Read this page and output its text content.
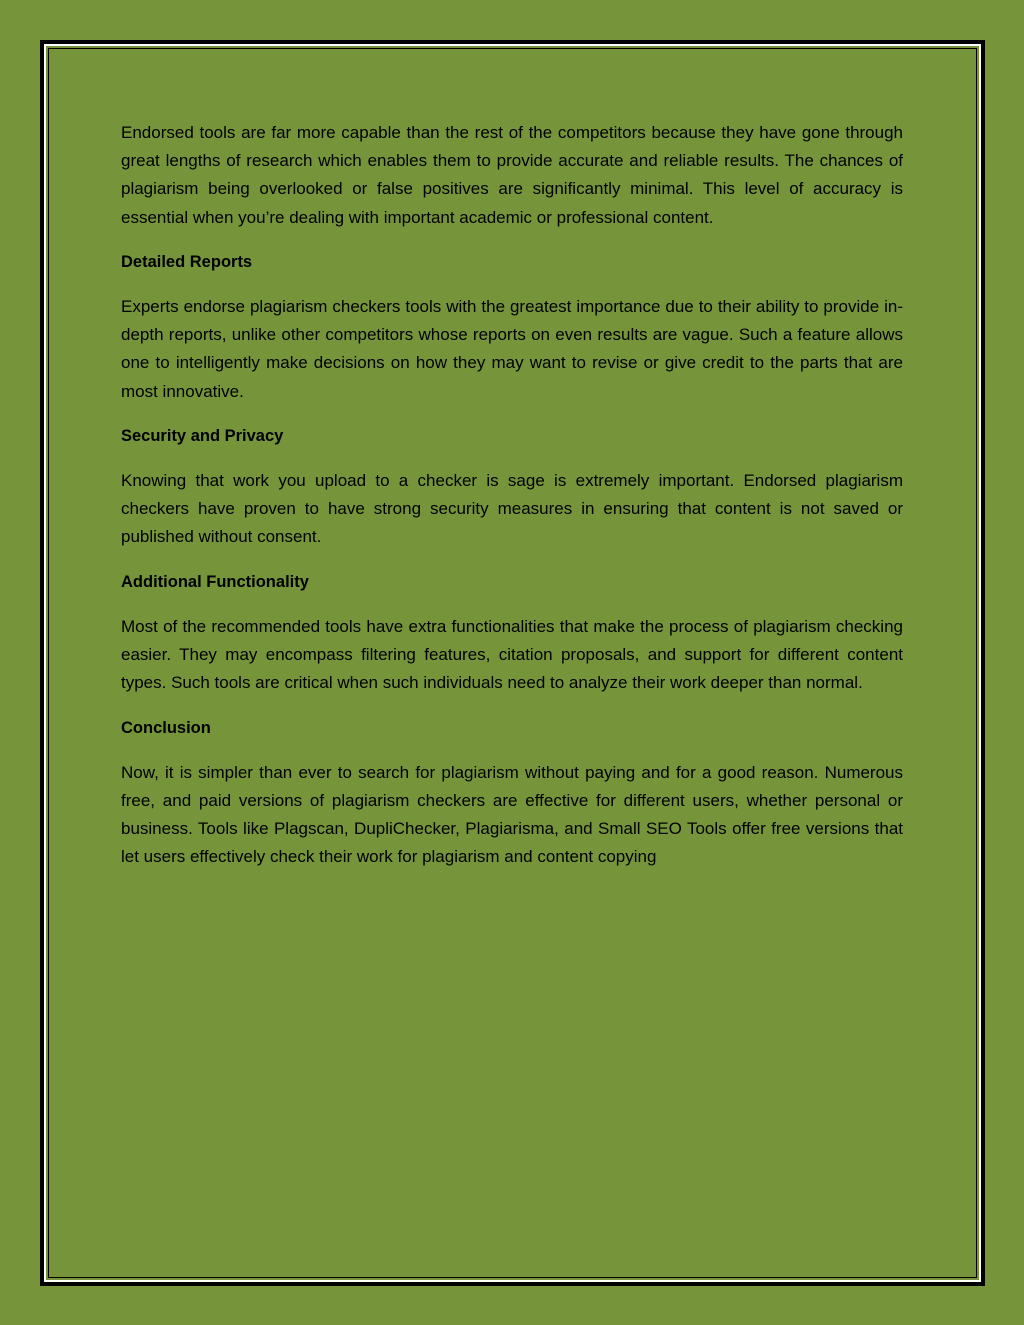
Endorsed tools are far more capable than the rest of the competitors because they have gone through great lengths of research which enables them to provide accurate and reliable results. The chances of plagiarism being overlooked or false positives are significantly minimal. This level of accuracy is essential when you’re dealing with important academic or professional content.

Detailed Reports

Experts endorse plagiarism checkers tools with the greatest importance due to their ability to provide in-depth reports, unlike other competitors whose reports on even results are vague. Such a feature allows one to intelligently make decisions on how they may want to revise or give credit to the parts that are most innovative.

Security and Privacy

Knowing that work you upload to a checker is sage is extremely important. Endorsed plagiarism checkers have proven to have strong security measures in ensuring that content is not saved or published without consent.

Additional Functionality

Most of the recommended tools have extra functionalities that make the process of plagiarism checking easier. They may encompass filtering features, citation proposals, and support for different content types. Such tools are critical when such individuals need to analyze their work deeper than normal.

Conclusion

Now, it is simpler than ever to search for plagiarism without paying and for a good reason. Numerous free, and paid versions of plagiarism checkers are effective for different users, whether personal or business. Tools like Plagscan, DupliChecker, Plagiarisma, and Small SEO Tools offer free versions that let users effectively check their work for plagiarism and content copying
